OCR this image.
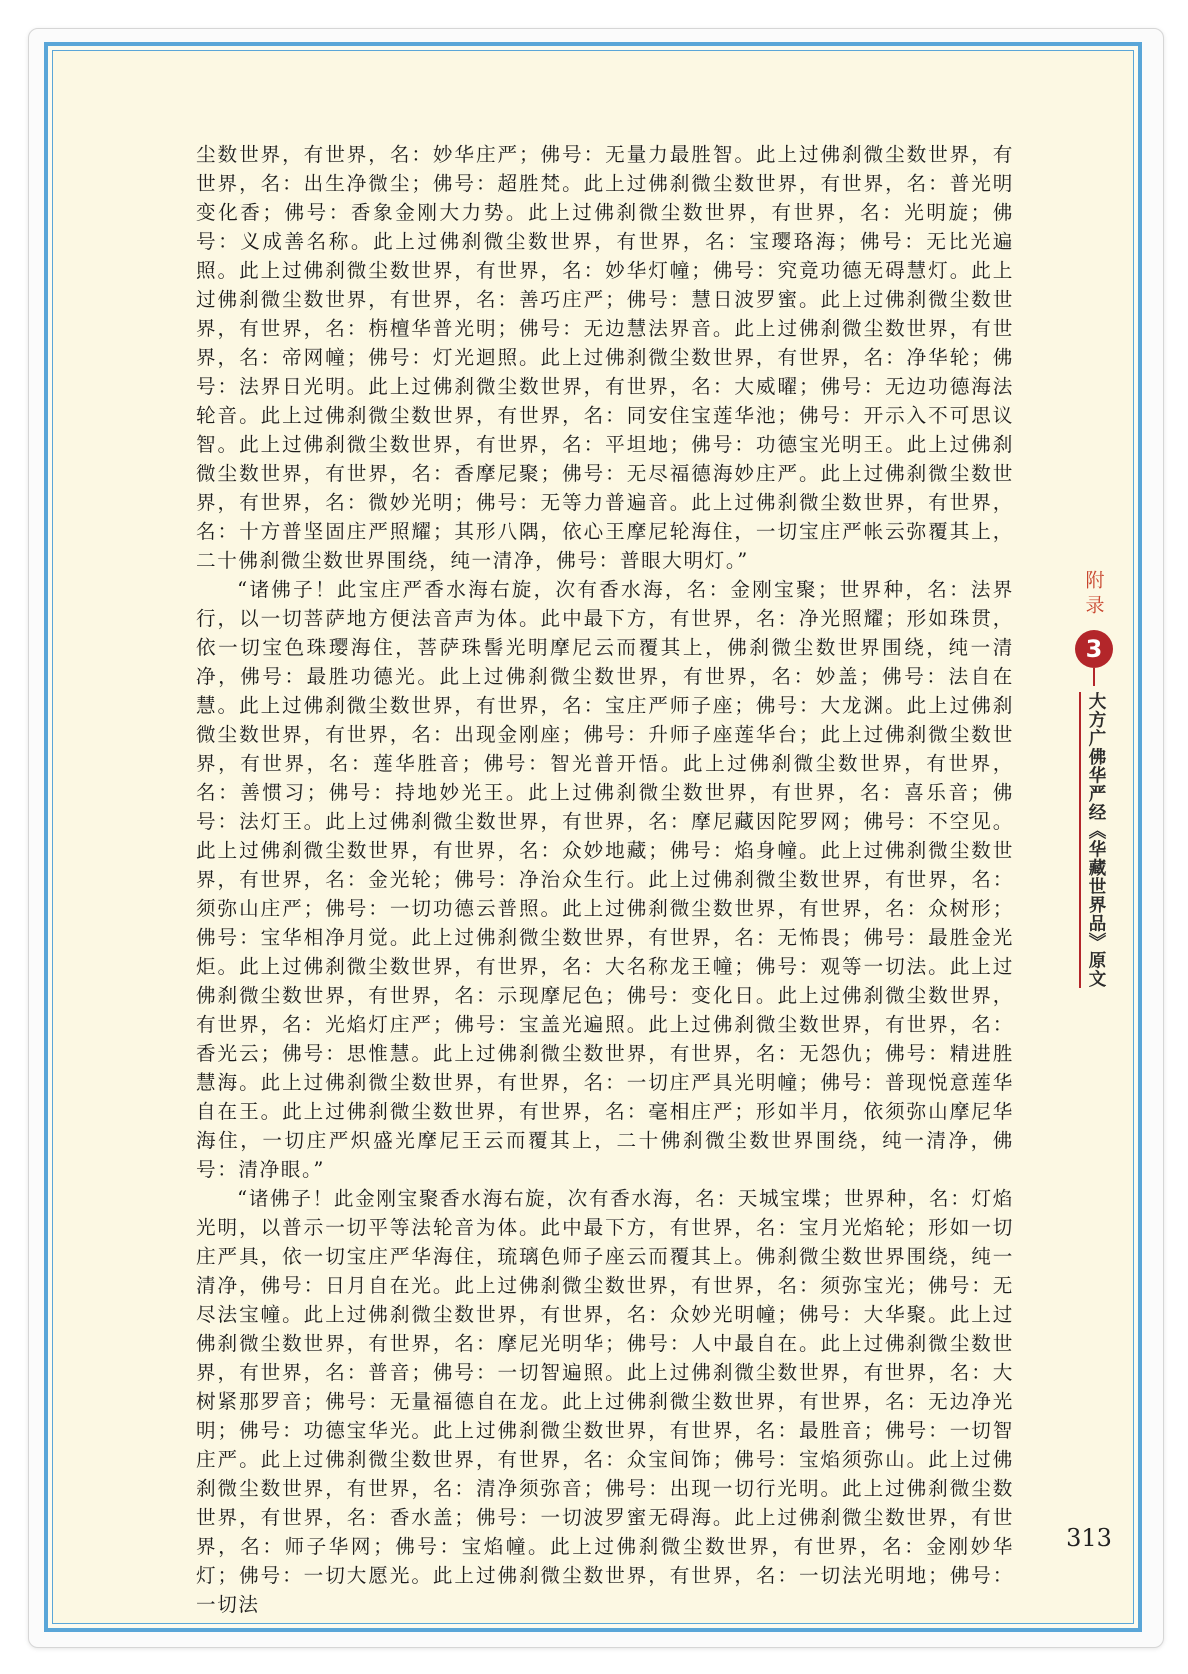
尘数世界，有世界，名：妙华庄严；佛号：无量力最胜智。此上过佛刹微尘数世界，有世界，名：出生净微尘；佛号：超胜梵。此上过佛刹微尘数世界，有世界，名：普光明变化香；佛号：香象金刚大力势。此上过佛刹微尘数世界，有世界，名：光明旋；佛号：义成善名称。此上过佛刹微尘数世界，有世界，名：宝璎珞海；佛号：无比光遍照。此上过佛刹微尘数世界，有世界，名：妙华灯幢；佛号：究竟功德无碍慧灯。此上过佛刹微尘数世界，有世界，名：善巧庄严；佛号：慧日波罗蜜。此上过佛刹微尘数世界，有世界，名：栴檀华普光明；佛号：无边慧法界音。此上过佛刹微尘数世界，有世界，名：帝网幢；佛号：灯光迴照。此上过佛刹微尘数世界，有世界，名：净华轮；佛号：法界日光明。此上过佛刹微尘数世界，有世界，名：大威曜；佛号：无边功德海法轮音。此上过佛刹微尘数世界，有世界，名：同安住宝莲华池；佛号：开示入不可思议智。此上过佛刹微尘数世界，有世界，名：平坦地；佛号：功德宝光明王。此上过佛刹微尘数世界，有世界，名：香摩尼聚；佛号：无尽福德海妙庄严。此上过佛刹微尘数世界，有世界，名：微妙光明；佛号：无等力普遍音。此上过佛刹微尘数世界，有世界，名：十方普坚固庄严照耀；其形八隅，依心王摩尼轮海住，一切宝庄严帐云弥覆其上，二十佛刹微尘数世界围绕，纯一清净，佛号：普眼大明灯。”

“诸佛子！此宝庄严香水海右旋，次有香水海，名：金刚宝聚；世界种，名：法界行，以一切菩萨地方便法音声为体。此中最下方，有世界，名：净光照耀；形如珠贯，依一切宝色珠璎海住，菩萨珠髻光明摩尼云而覆其上，佛刹微尘数世界围绕，纯一清净，佛号：最胜功德光。此上过佛刹微尘数世界，有世界，名：妙盖；佛号：法自在慧。此上过佛刹微尘数世界，有世界，名：宝庄严师子座；佛号：大龙渊。此上过佛刹微尘数世界，有世界，名：出现金刚座；佛号：升师子座莲华台；此上过佛刹微尘数世界，有世界，名：莲华胜音；佛号：智光普开悟。此上过佛刹微尘数世界，有世界，名：善惯习；佛号：持地妙光王。此上过佛刹微尘数世界，有世界，名：喜乐音；佛号：法灯王。此上过佛刹微尘数世界，有世界，名：摩尼藏因陀罗网；佛号：不空见。此上过佛刹微尘数世界，有世界，名：众妙地藏；佛号：焰身幢。此上过佛刹微尘数世界，有世界，名：金光轮；佛号：净治众生行。此上过佛刹微尘数世界，有世界，名：须弥山庄严；佛号：一切功德云普照。此上过佛刹微尘数世界，有世界，名：众树形；佛号：宝华相净月觉。此上过佛刹微尘数世界，有世界，名：无怖畏；佛号：最胜金光炬。此上过佛刹微尘数世界，有世界，名：大名称龙王幢；佛号：观等一切法。此上过佛刹微尘数世界，有世界，名：示现摩尼色；佛号：变化日。此上过佛刹微尘数世界，有世界，名：光焰灯庄严；佛号：宝盖光遍照。此上过佛刹微尘数世界，有世界，名：香光云；佛号：思惟慧。此上过佛刹微尘数世界，有世界，名：无怨仇；佛号：精进胜慧海。此上过佛刹微尘数世界，有世界，名：一切庄严具光明幢；佛号：普现悦意莲华自在王。此上过佛刹微尘数世界，有世界，名：毫相庄严；形如半月，依须弥山摩尼华海住，一切庄严炽盛光摩尼王云而覆其上，二十佛刹微尘数世界围绕，纯一清净，佛号：清净眼。”

“诸佛子！此金刚宝聚香水海右旋，次有香水海，名：天城宝堞；世界种，名：灯焰光明，以普示一切平等法轮音为体。此中最下方，有世界，名：宝月光焰轮；形如一切庄严具，依一切宝庄严华海住，琉璃色师子座云而覆其上。佛刹微尘数世界围绕，纯一清净，佛号：日月自在光。此上过佛刹微尘数世界，有世界，名：须弥宝光；佛号：无尽法宝幢。此上过佛刹微尘数世界，有世界，名：众妙光明幢；佛号：大华聚。此上过佛刹微尘数世界，有世界，名：摩尼光明华；佛号：人中最自在。此上过佛刹微尘数世界，有世界，名：普音；佛号：一切智遍照。此上过佛刹微尘数世界，有世界，名：大树紧那罗音；佛号：无量福德自在龙。此上过佛刹微尘数世界，有世界，名：无边净光明；佛号：功德宝华光。此上过佛刹微尘数世界，有世界，名：最胜音；佛号：一切智庄严。此上过佛刹微尘数世界，有世界，名：众宝间饰；佛号：宝焰须弥山。此上过佛刹微尘数世界，有世界，名：清净须弥音；佛号：出现一切行光明。此上过佛刹微尘数世界，有世界，名：香水盖；佛号：一切波罗蜜无碍海。此上过佛刹微尘数世界，有世界，名：师子华网；佛号：宝焰幢。此上过佛刹微尘数世界，有世界，名：金刚妙华灯；佛号：一切大愿光。此上过佛刹微尘数世界，有世界，名：一切法光明地；佛号：一切法

附录
3
大方广佛华严经《华藏世界品》原文
313
